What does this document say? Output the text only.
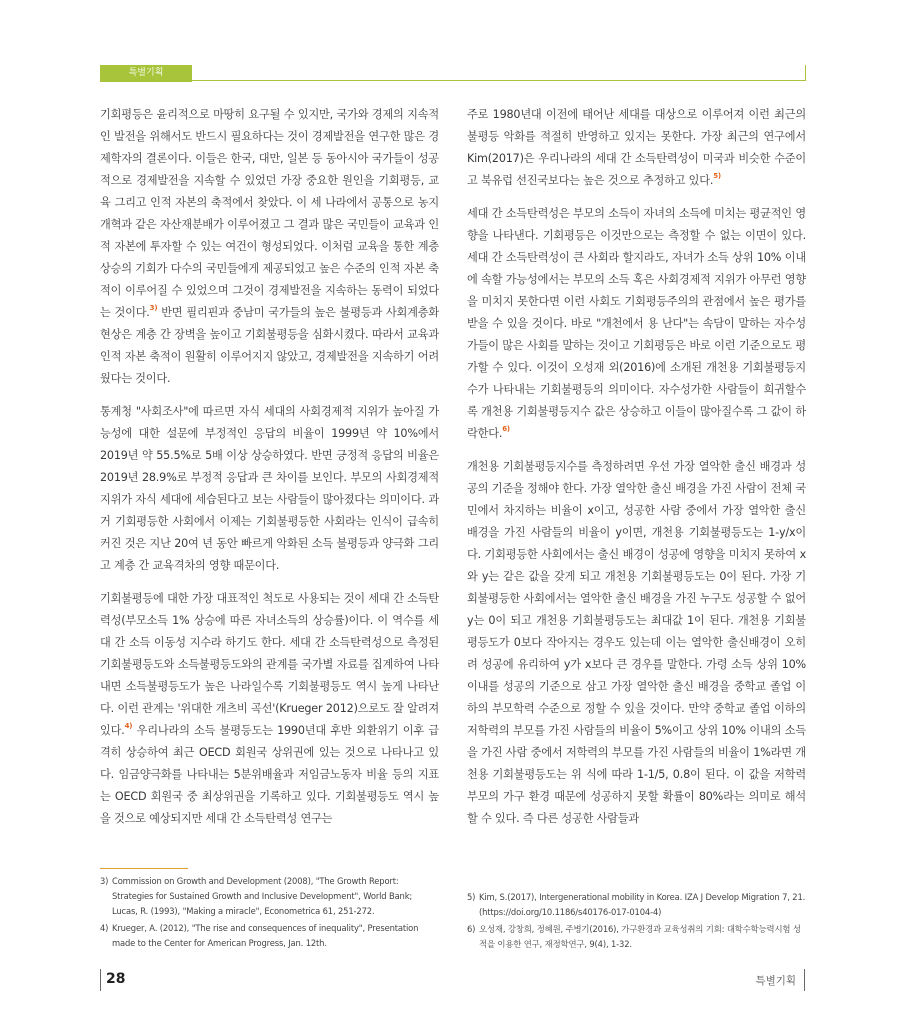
특별기획

기회평등은 윤리적으로 마땅히 요구될 수 있지만, 국가와 경제의 지속적인 발전을 위해서도 반드시 필요하다는 것이 경제발전을 연구한 많은 경제학자의 결론이다. 이들은 한국, 대만, 일본 등 동아시아 국가들이 성공적으로 경제발전을 지속할 수 있었던 가장 중요한 원인을 기회평등, 교육 그리고 인적 자본의 축적에서 찾았다. 이 세 나라에서 공통으로 농지개혁과 같은 자산재분배가 이루어졌고 그 결과 많은 국민들이 교육과 인적 자본에 투자할 수 있는 여건이 형성되었다. 이처럼 교육을 통한 계층상승의 기회가 다수의 국민들에게 제공되었고 높은 수준의 인적 자본 축적이 이루어질 수 있었으며 그것이 경제발전을 지속하는 동력이 되었다는 것이다.$^{3)}$ 반면 필리핀과 중남미 국가들의 높은 불평등과 사회계층화 현상은 계층 간 장벽을 높이고 기회불평등을 심화시켰다. 따라서 교육과 인적 자본 축적이 원활히 이루어지지 않았고, 경제발전을 지속하기 어려웠다는 것이다.

통계청 "사회조사"에 따르면 자식 세대의 사회경제적 지위가 높아질 가능성에 대한 설문에 부정적인 응답의 비율이 1999년 약 10%에서 2019년 약 55.5%로 5배 이상 상승하였다. 반면 긍정적 응답의 비율은 2019년 28.9%로 부정적 응답과 큰 차이를 보인다. 부모의 사회경제적 지위가 자식 세대에 세습된다고 보는 사람들이 많아졌다는 의미이다. 과거 기회평등한 사회에서 이제는 기회불평등한 사회라는 인식이 급속히 커진 것은 지난 20여 년 동안 빠르게 악화된 소득 불평등과 양극화 그리고 계층 간 교육격차의 영향 때문이다.

기회불평등에 대한 가장 대표적인 척도로 사용되는 것이 세대 간 소득탄력성(부모소득 1% 상승에 따른 자녀소득의 상승률)이다. 이 역수를 세대 간 소득 이동성 지수라 하기도 한다. 세대 간 소득탄력성으로 측정된 기회불평등도와 소득불평등도와의 관계를 국가별 자료를 집계하여 나타내면 소득불평등도가 높은 나라일수록 기회불평등도 역시 높게 나타난다. 이런 관계는 '위대한 개츠비 곡선'(Krueger 2012)으로도 잘 알려져 있다.$^{4)}$ 우리나라의 소득 불평등도는 1990년대 후반 외환위기 이후 급격히 상승하여 최근 OECD 회원국 상위권에 있는 것으로 나타나고 있다. 임금양극화를 나타내는 5분위배율과 저임금노동자 비율 등의 지표는 OECD 회원국 중 최상위권을 기록하고 있다. 기회불평등도 역시 높을 것으로 예상되지만 세대 간 소득탄력성 연구는

주로 1980년대 이전에 태어난 세대를 대상으로 이루어져 이런 최근의 불평등 악화를 적절히 반영하고 있지는 못한다. 가장 최근의 연구에서 Kim(2017)은 우리나라의 세대 간 소득탄력성이 미국과 비슷한 수준이고 북유럽 선진국보다는 높은 것으로 추정하고 있다.$^{5)}$

세대 간 소득탄력성은 부모의 소득이 자녀의 소득에 미치는 평균적인 영향을 나타낸다. 기회평등은 이것만으로는 측정할 수 없는 이면이 있다. 세대 간 소득탄력성이 큰 사회라 할지라도, 자녀가 소득 상위 10% 이내에 속할 가능성에서는 부모의 소득 혹은 사회경제적 지위가 아무런 영향을 미치지 못한다면 이런 사회도 기회평등주의의 관점에서 높은 평가를 받을 수 있을 것이다. 바로 "개천에서 용 난다"는 속담이 말하는 자수성가들이 많은 사회를 말하는 것이고 기회평등은 바로 이런 기준으로도 평가할 수 있다. 이것이 오성재 외(2016)에 소개된 개천용 기회불평등지수가 나타내는 기회불평등의 의미이다. 자수성가한 사람들이 희귀할수록 개천용 기회불평등지수 값은 상승하고 이들이 많아질수록 그 값이 하락한다.$^{6)}$

개천용 기회불평등지수를 측정하려면 우선 가장 열악한 출신 배경과 성공의 기준을 정해야 한다. 가장 열악한 출신 배경을 가진 사람이 전체 국민에서 차지하는 비율이 x이고, 성공한 사람 중에서 가장 열악한 출신 배경을 가진 사람들의 비율이 y이면, 개천용 기회불평등도는 1-y/x이다. 기회평등한 사회에서는 출신 배경이 성공에 영향을 미치지 못하여 x와 y는 같은 값을 갖게 되고 개천용 기회불평등도는 0이 된다. 가장 기회불평등한 사회에서는 열악한 출신 배경을 가진 누구도 성공할 수 없어 y는 0이 되고 개천용 기회불평등도는 최대값 1이 된다. 개천용 기회불평등도가 0보다 작아지는 경우도 있는데 이는 열악한 출신배경이 오히려 성공에 유리하여 y가 x보다 큰 경우를 말한다. 가령 소득 상위 10% 이내를 성공의 기준으로 삼고 가장 열악한 출신 배경을 중학교 졸업 이하의 부모학력 수준으로 정할 수 있을 것이다. 만약 중학교 졸업 이하의 저학력의 부모를 가진 사람들의 비율이 5%이고 상위 10% 이내의 소득을 가진 사람 중에서 저학력의 부모를 가진 사람들의 비율이 1%라면 개천용 기회불평등도는 위 식에 따라 1-1/5, 0.8이 된다. 이 값을 저학력 부모의 가구 환경 때문에 성공하지 못할 확률이 80%라는 의미로 해석할 수 있다. 즉 다른 성공한 사람들과

3) Commission on Growth and Development (2008), "The Growth Report: Strategies for Sustained Growth and Inclusive Development", World Bank; Lucas, R. (1993), "Making a miracle", Econometrica 61, 251-272.
4) Krueger, A. (2012), "The rise and consequences of inequality", Presentation made to the Center for American Progress, Jan. 12th.
5) Kim, S.(2017), Intergenerational mobility in Korea. IZA J Develop Migration 7, 21. (https://doi.org/10.1186/s40176-017-0104-4)
6) 오성재, 강창희, 정혜원, 주병기(2016), 가구환경과 교육성취의 기회: 대학수학능력시험 성적을 이용한 연구, 재정학연구, 9(4), 1-32.
28	특별기획
